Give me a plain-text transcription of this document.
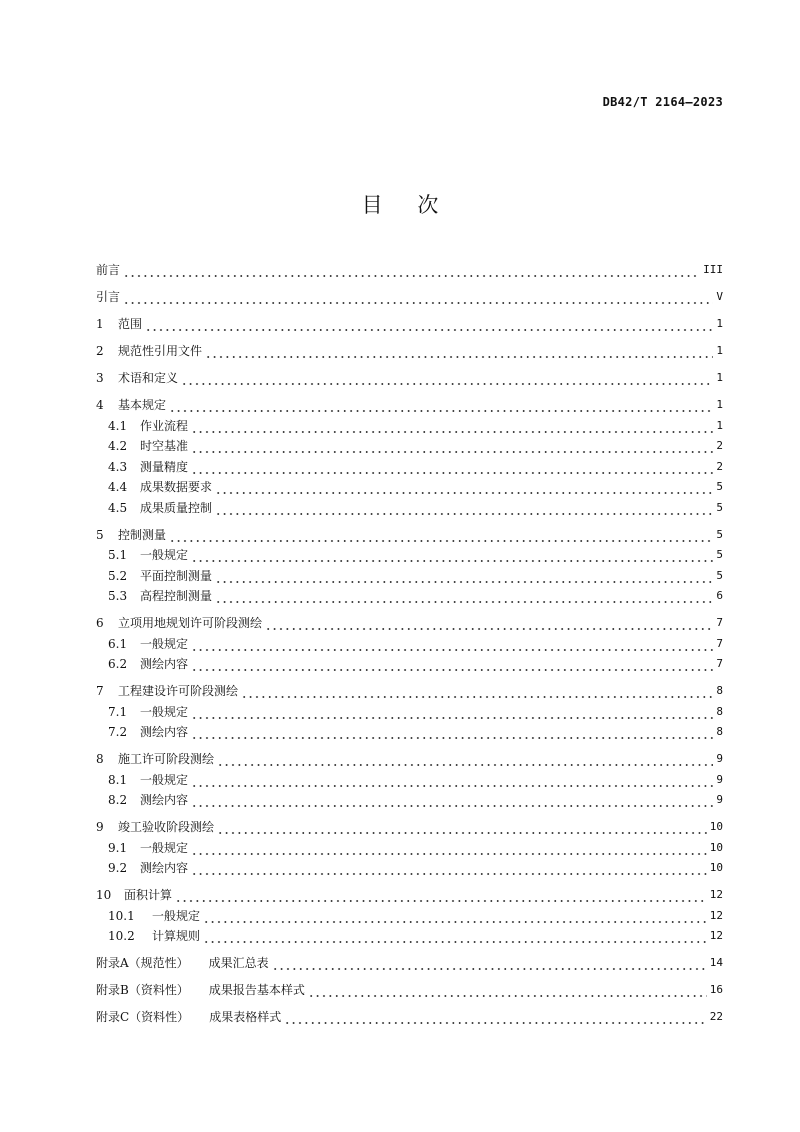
DB42/T 2164—2023
目 次
前言	III
引言	V
1	范围	1
2	规范性引用文件	1
3	术语和定义	1
4	基本规定	1
4.1	作业流程	1
4.2	时空基准	2
4.3	测量精度	2
4.4	成果数据要求	5
4.5	成果质量控制	5
5	控制测量	5
5.1	一般规定	5
5.2	平面控制测量	5
5.3	高程控制测量	6
6	立项用地规划许可阶段测绘	7
6.1	一般规定	7
6.2	测绘内容	7
7	工程建设许可阶段测绘	8
7.1	一般规定	8
7.2	测绘内容	8
8	施工许可阶段测绘	9
8.1	一般规定	9
8.2	测绘内容	9
9	竣工验收阶段测绘	10
9.1	一般规定	10
9.2	测绘内容	10
10	面积计算	12
10.1	一般规定	12
10.2	计算规则	12
附录A（规范性） 成果汇总表	14
附录B（资料性） 成果报告基本样式	16
附录C（资料性） 成果表格样式	22
